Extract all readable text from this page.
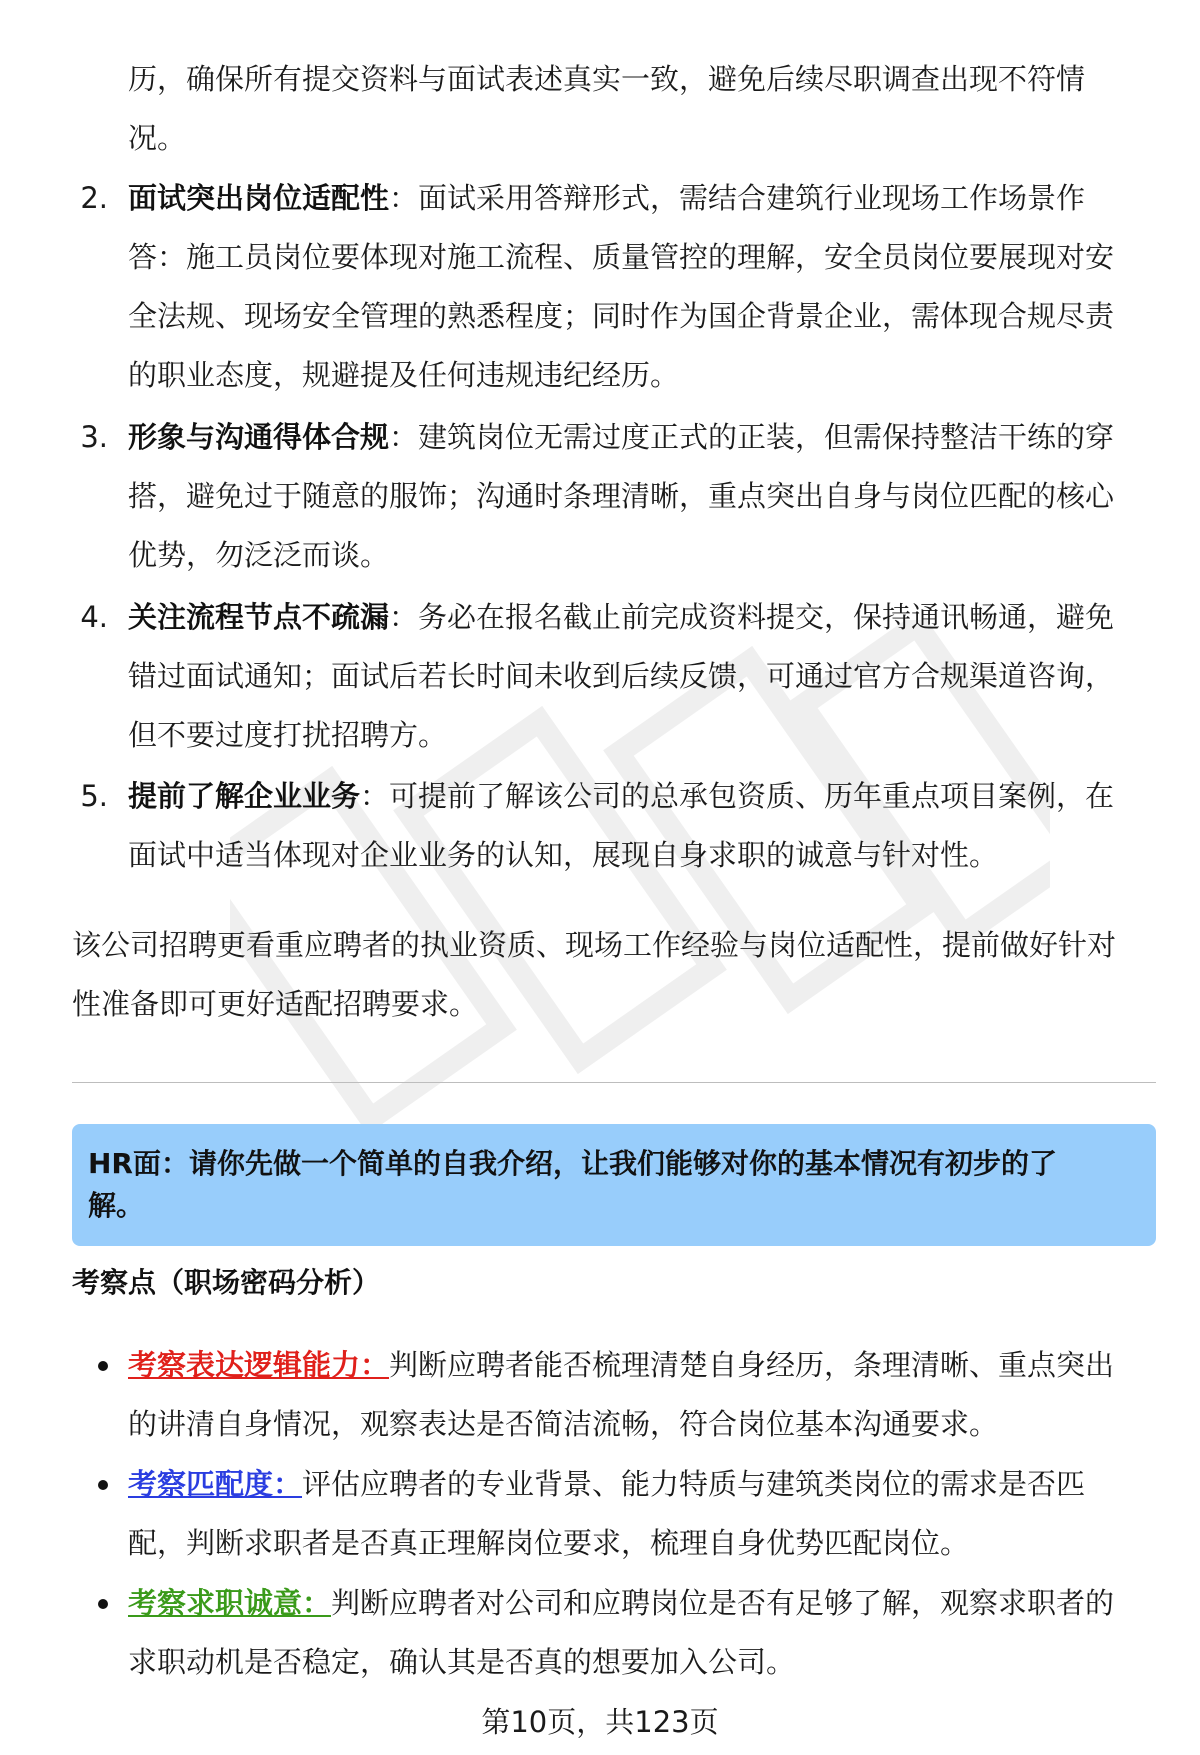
历，确保所有提交资料与面试表述真实一致，避免后续尽职调查出现不符情
况。
2. 面试突出岗位适配性：面试采用答辩形式，需结合建筑行业现场工作场景作
答：施工员岗位要体现对施工流程、质量管控的理解，安全员岗位要展现对安
全法规、现场安全管理的熟悉程度；同时作为国企背景企业，需体现合规尽责
的职业态度，规避提及任何违规违纪经历。
3. 形象与沟通得体合规：建筑岗位无需过度正式的正装，但需保持整洁干练的穿
搭，避免过于随意的服饰；沟通时条理清晰，重点突出自身与岗位匹配的核心
优势，勿泛泛而谈。
4. 关注流程节点不疏漏：务必在报名截止前完成资料提交，保持通讯畅通，避免
错过面试通知；面试后若长时间未收到后续反馈，可通过官方合规渠道咨询，
但不要过度打扰招聘方。
5. 提前了解企业业务：可提前了解该公司的总承包资质、历年重点项目案例，在
面试中适当体现对企业业务的认知，展现自身求职的诚意与针对性。
该公司招聘更看重应聘者的执业资质、现场工作经验与岗位适配性，提前做好针对
性准备即可更好适配招聘要求。
HR面：请你先做一个简单的自我介绍，让我们能够对你的基本情况有初步的了
解。
考察点（职场密码分析）
考察表达逻辑能力：判断应聘者能否梳理清楚自身经历，条理清晰、重点突出
的讲清自身情况，观察表达是否简洁流畅，符合岗位基本沟通要求。
考察匹配度：评估应聘者的专业背景、能力特质与建筑类岗位的需求是否匹
配，判断求职者是否真正理解岗位要求，梳理自身优势匹配岗位。
考察求职诚意：判断应聘者对公司和应聘岗位是否有足够了解，观察求职者的
求职动机是否稳定，确认其是否真的想要加入公司。
第10页，共123页
